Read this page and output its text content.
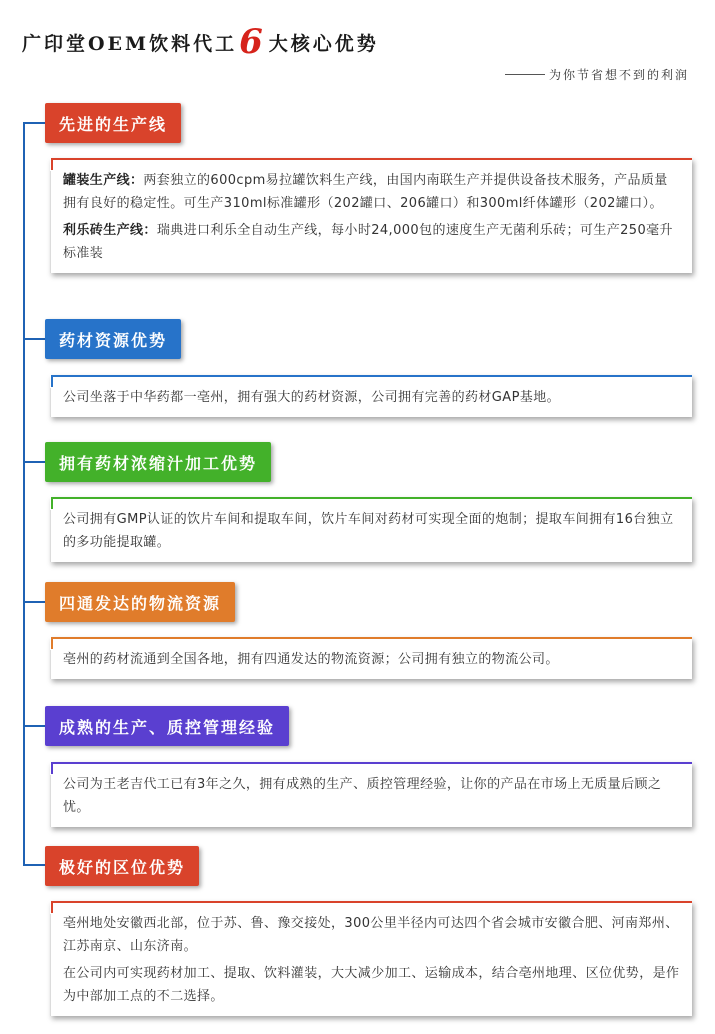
广印堂OEM饮料代工 6 大核心优势
为你节省想不到的利润
先进的生产线

罐装生产线：两套独立的600cpm易拉罐饮料生产线，由国内南联生产并提供设备技术服务，产品质量拥有良好的稳定性。可生产310ml标准罐形（202罐口、206罐口）和300ml纤体罐形（202罐口）。

利乐砖生产线：瑞典进口利乐全自动生产线，每小时24,000包的速度生产无菌利乐砖；可生产250毫升标准装

药材资源优势

公司坐落于中华药都一亳州，拥有强大的药材资源，公司拥有完善的药材GAP基地。

拥有药材浓缩汁加工优势

公司拥有GMP认证的饮片车间和提取车间，饮片车间对药材可实现全面的炮制；提取车间拥有16台独立的多功能提取罐。

四通发达的物流资源

亳州的药材流通到全国各地，拥有四通发达的物流资源；公司拥有独立的物流公司。

成熟的生产、质控管理经验

公司为王老吉代工已有3年之久，拥有成熟的生产、质控管理经验，让你的产品在市场上无质量后顾之忧。

极好的区位优势

亳州地处安徽西北部，位于苏、鲁、豫交接处，300公里半径内可达四个省会城市安徽合肥、河南郑州、江苏南京、山东济南。

在公司内可实现药材加工、提取、饮料灌装，大大减少加工、运输成本，结合亳州地理、区位优势，是作为中部加工点的不二选择。
